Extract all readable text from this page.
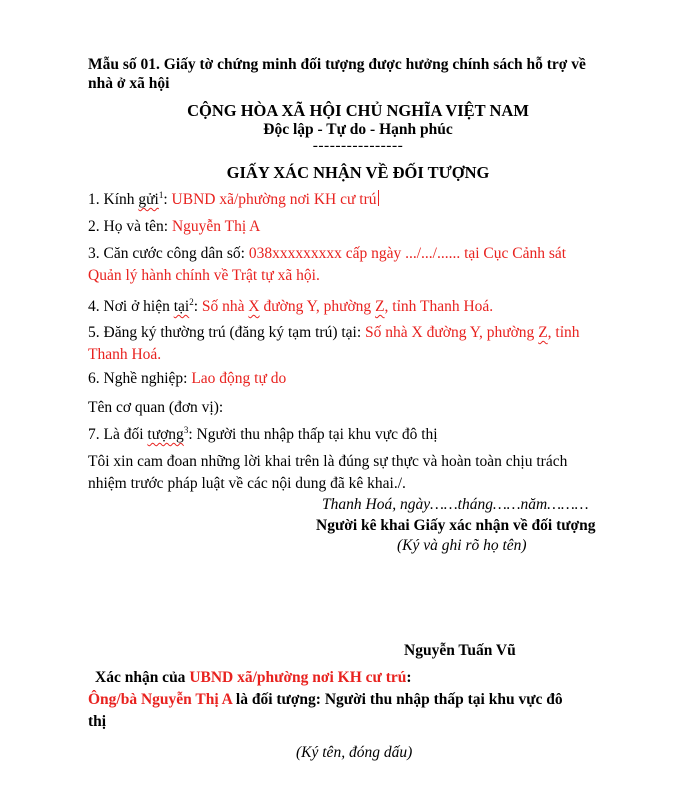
Mẫu số 01. Giấy tờ chứng minh đối tượng được hưởng chính sách hỗ trợ về
nhà ở xã hội
CỘNG HÒA XÃ HỘI CHỦ NGHĨA VIỆT NAM
Độc lập - Tự do - Hạnh phúc
----------------
GIẤY XÁC NHẬN VỀ ĐỐI TƯỢNG
1. Kính gửi$^1$: UBND xã/phường nơi KH cư trú
2. Họ và tên: Nguyễn Thị A
3. Căn cước công dân số: 038xxxxxxxxx cấp ngày .../.../...... tại Cục Cảnh sát
Quản lý hành chính về Trật tự xã hội.
4. Nơi ở hiện tại$^2$: Số nhà X đường Y, phường Z, tỉnh Thanh Hoá.
5. Đăng ký thường trú (đăng ký tạm trú) tại: Số nhà X đường Y, phường Z, tỉnh
Thanh Hoá.
6. Nghề nghiệp: Lao động tự do
Tên cơ quan (đơn vị):
7. Là đối tượng$^3$: Người thu nhập thấp tại khu vực đô thị
Tôi xin cam đoan những lời khai trên là đúng sự thực và hoàn toàn chịu trách
nhiệm trước pháp luật về các nội dung đã kê khai./.
Thanh Hoá, ngày……tháng……năm………
Người kê khai Giấy xác nhận về đối tượng
(Ký và ghi rõ họ tên)
Nguyễn Tuấn Vũ
Xác nhận của UBND xã/phường nơi KH cư trú:
Ông/bà Nguyễn Thị A là đối tượng: Người thu nhập thấp tại khu vực đô
thị
(Ký tên, đóng dấu)
